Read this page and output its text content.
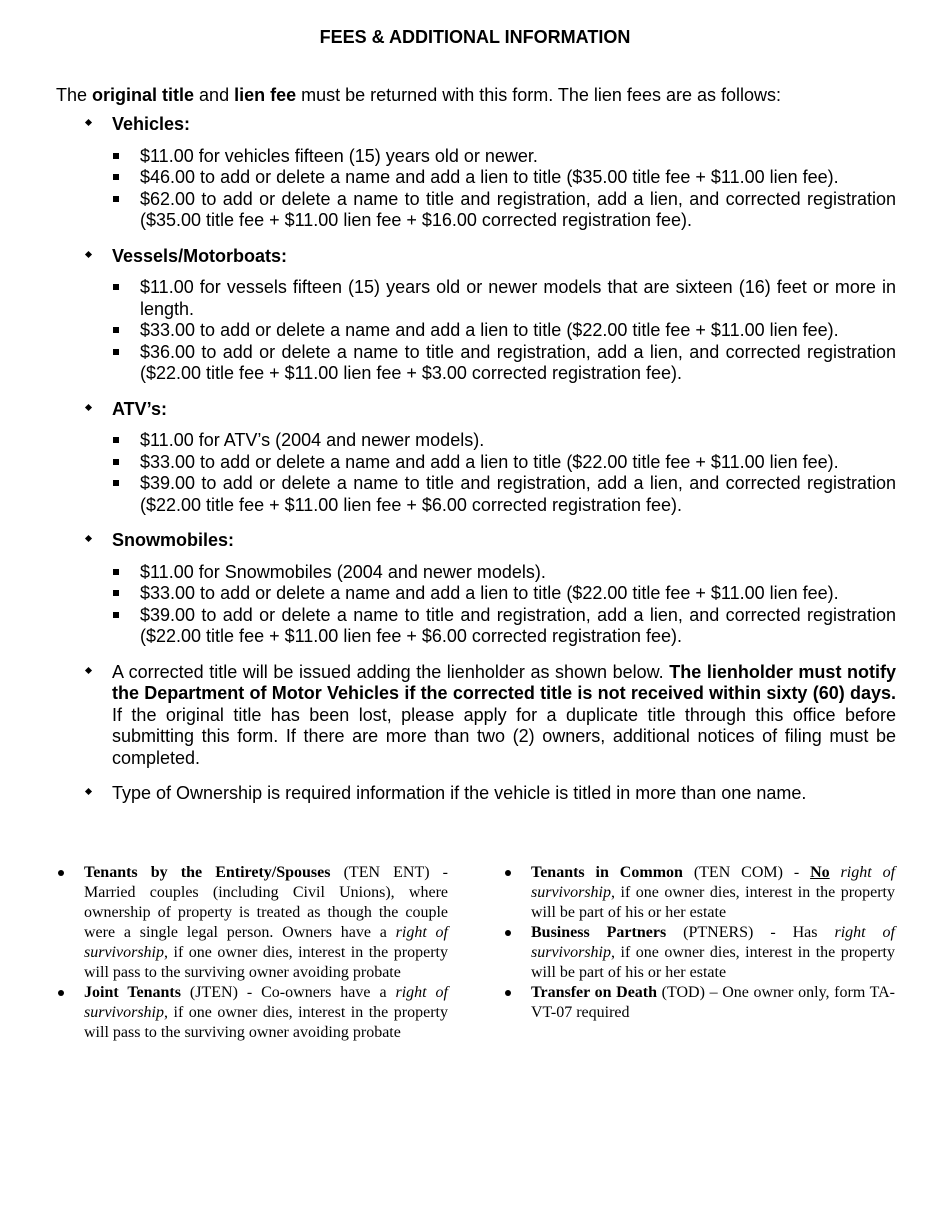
FEES & ADDITIONAL INFORMATION
The original title and lien fee must be returned with this form. The lien fees are as follows:
Vehicles:
$11.00 for vehicles fifteen (15) years old or newer.
$46.00 to add or delete a name and add a lien to title ($35.00 title fee + $11.00 lien fee).
$62.00 to add or delete a name to title and registration, add a lien, and corrected registration ($35.00 title fee + $11.00 lien fee + $16.00 corrected registration fee).
Vessels/Motorboats:
$11.00 for vessels fifteen (15) years old or newer models that are sixteen (16) feet or more in length.
$33.00 to add or delete a name and add a lien to title ($22.00 title fee + $11.00 lien fee).
$36.00 to add or delete a name to title and registration, add a lien, and corrected registration ($22.00 title fee + $11.00 lien fee + $3.00 corrected registration fee).
ATV’s:
$11.00 for ATV’s (2004 and newer models).
$33.00 to add or delete a name and add a lien to title ($22.00 title fee + $11.00 lien fee).
$39.00 to add or delete a name to title and registration, add a lien, and corrected registration ($22.00 title fee + $11.00 lien fee + $6.00 corrected registration fee).
Snowmobiles:
$11.00 for Snowmobiles (2004 and newer models).
$33.00 to add or delete a name and add a lien to title ($22.00 title fee + $11.00 lien fee).
$39.00 to add or delete a name to title and registration, add a lien, and corrected registration ($22.00 title fee + $11.00 lien fee + $6.00 corrected registration fee).
A corrected title will be issued adding the lienholder as shown below. The lienholder must notify the Department of Motor Vehicles if the corrected title is not received within sixty (60) days. If the original title has been lost, please apply for a duplicate title through this office before submitting this form. If there are more than two (2) owners, additional notices of filing must be completed.
Type of Ownership is required information if the vehicle is titled in more than one name.
Tenants by the Entirety/Spouses (TEN ENT) - Married couples (including Civil Unions), where ownership of property is treated as though the couple were a single legal person. Owners have a right of survivorship, if one owner dies, interest in the property will pass to the surviving owner avoiding probate
Joint Tenants (JTEN) - Co-owners have a right of survivorship, if one owner dies, interest in the property will pass to the surviving owner avoiding probate
Tenants in Common (TEN COM) - No right of survivorship, if one owner dies, interest in the property will be part of his or her estate
Business Partners (PTNERS) - Has right of survivorship, if one owner dies, interest in the property will be part of his or her estate
Transfer on Death (TOD) – One owner only, form TA-VT-07 required
